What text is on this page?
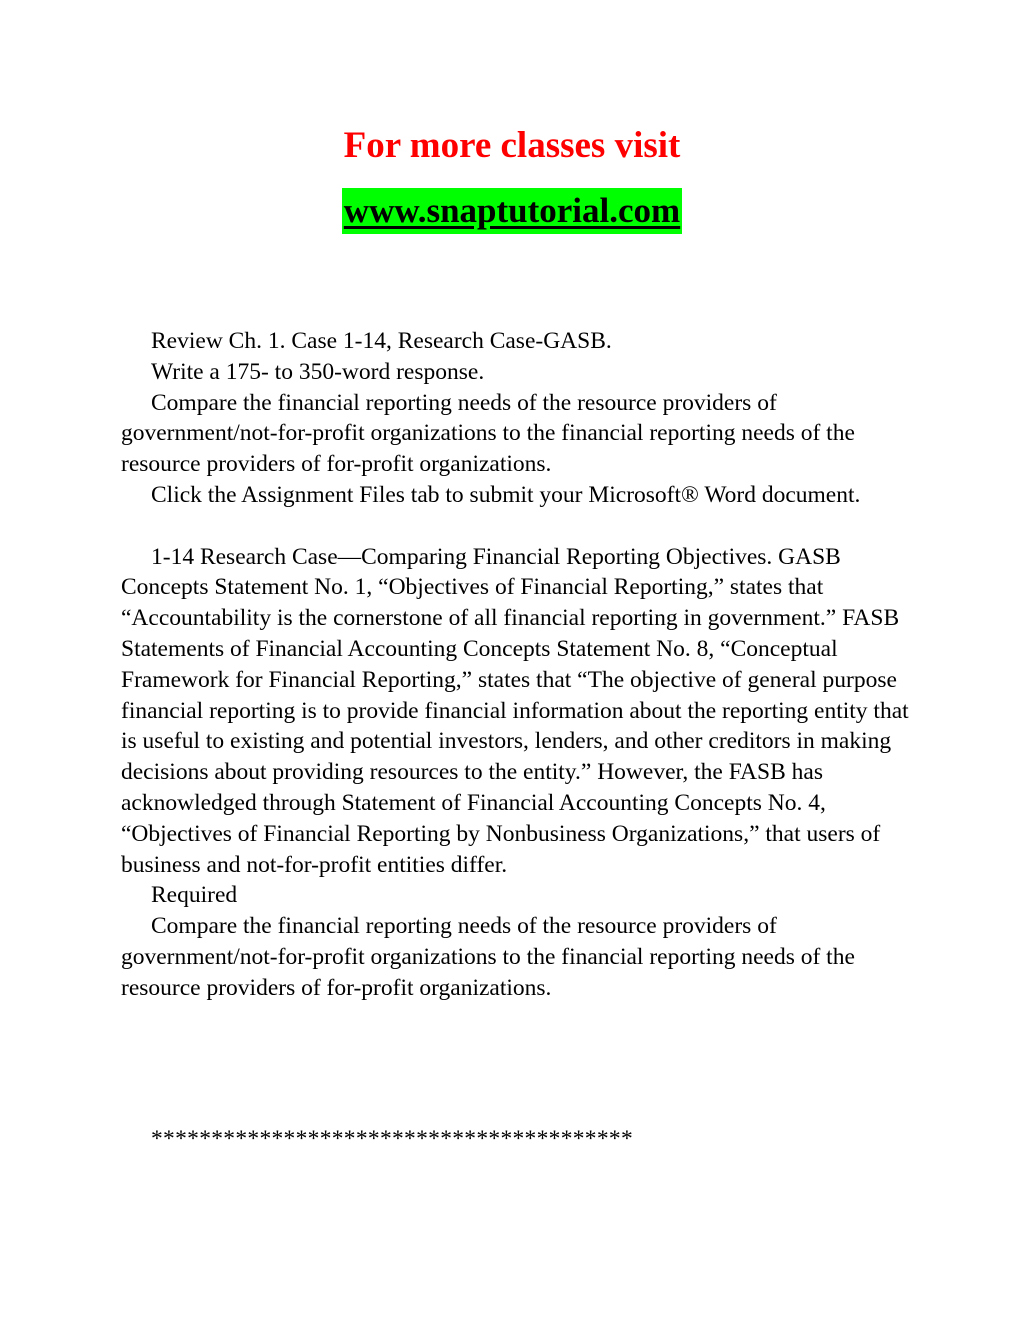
For more classes visit
www.snaptutorial.com

Review Ch. 1. Case 1-14, Research Case-GASB.

Write a 175- to 350-word response.

Compare the financial reporting needs of the resource providers of government/not-for-profit organizations to the financial reporting needs of the resource providers of for-profit organizations.

Click the Assignment Files tab to submit your Microsoft® Word document.

1-14 Research Case—Comparing Financial Reporting Objectives. GASB Concepts Statement No. 1, “Objectives of Financial Reporting,” states that “Accountability is the cornerstone of all financial reporting in government.” FASB Statements of Financial Accounting Concepts Statement No. 8, “Conceptual Framework for Financial Reporting,” states that “The objective of general purpose financial reporting is to provide financial information about the reporting entity that is useful to existing and potential investors, lenders, and other creditors in making decisions about providing resources to the entity.” However, the FASB has acknowledged through Statement of Financial Accounting Concepts No. 4, “Objectives of Financial Reporting by Nonbusiness Organizations,” that users of business and not-for-profit entities differ.

Required

Compare the financial reporting needs of the resource providers of government/not-for-profit organizations to the financial reporting needs of the resource providers of for-profit organizations.

****************************************
